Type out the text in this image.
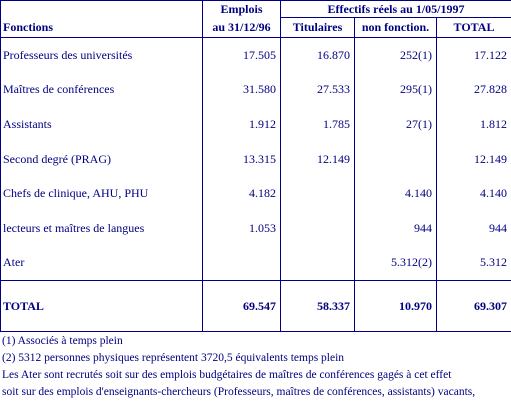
	Emplois	Effectifs réels au 1/05/1997		
Fonctions	au 31/12/96	Titulaires	non fonction.	TOTAL
Professeurs des universités	17.505	16.870	252(1)	17.122
Maîtres de conférences	31.580	27.533	295(1)	27.828
Assistants	1.912	1.785	27(1)	1.812
Second degré (PRAG)	13.315	12.149		12.149
Chefs de clinique, AHU, PHU	4.182		4.140	4.140
lecteurs et maîtres de langues	1.053		944	944
Ater			5.312(2)	5.312
TOTAL	69.547	58.337	10.970	69.307
(1) Associés à temps plein
(2) 5312 personnes physiques représentent 3720,5 équivalents temps plein
Les Ater sont recrutés soit sur des emplois budgétaires de maîtres de conférences gagés à cet effet
soit sur des emplois d'enseignants-chercheurs (Professeurs, maîtres de conférences, assistants) vacants,
